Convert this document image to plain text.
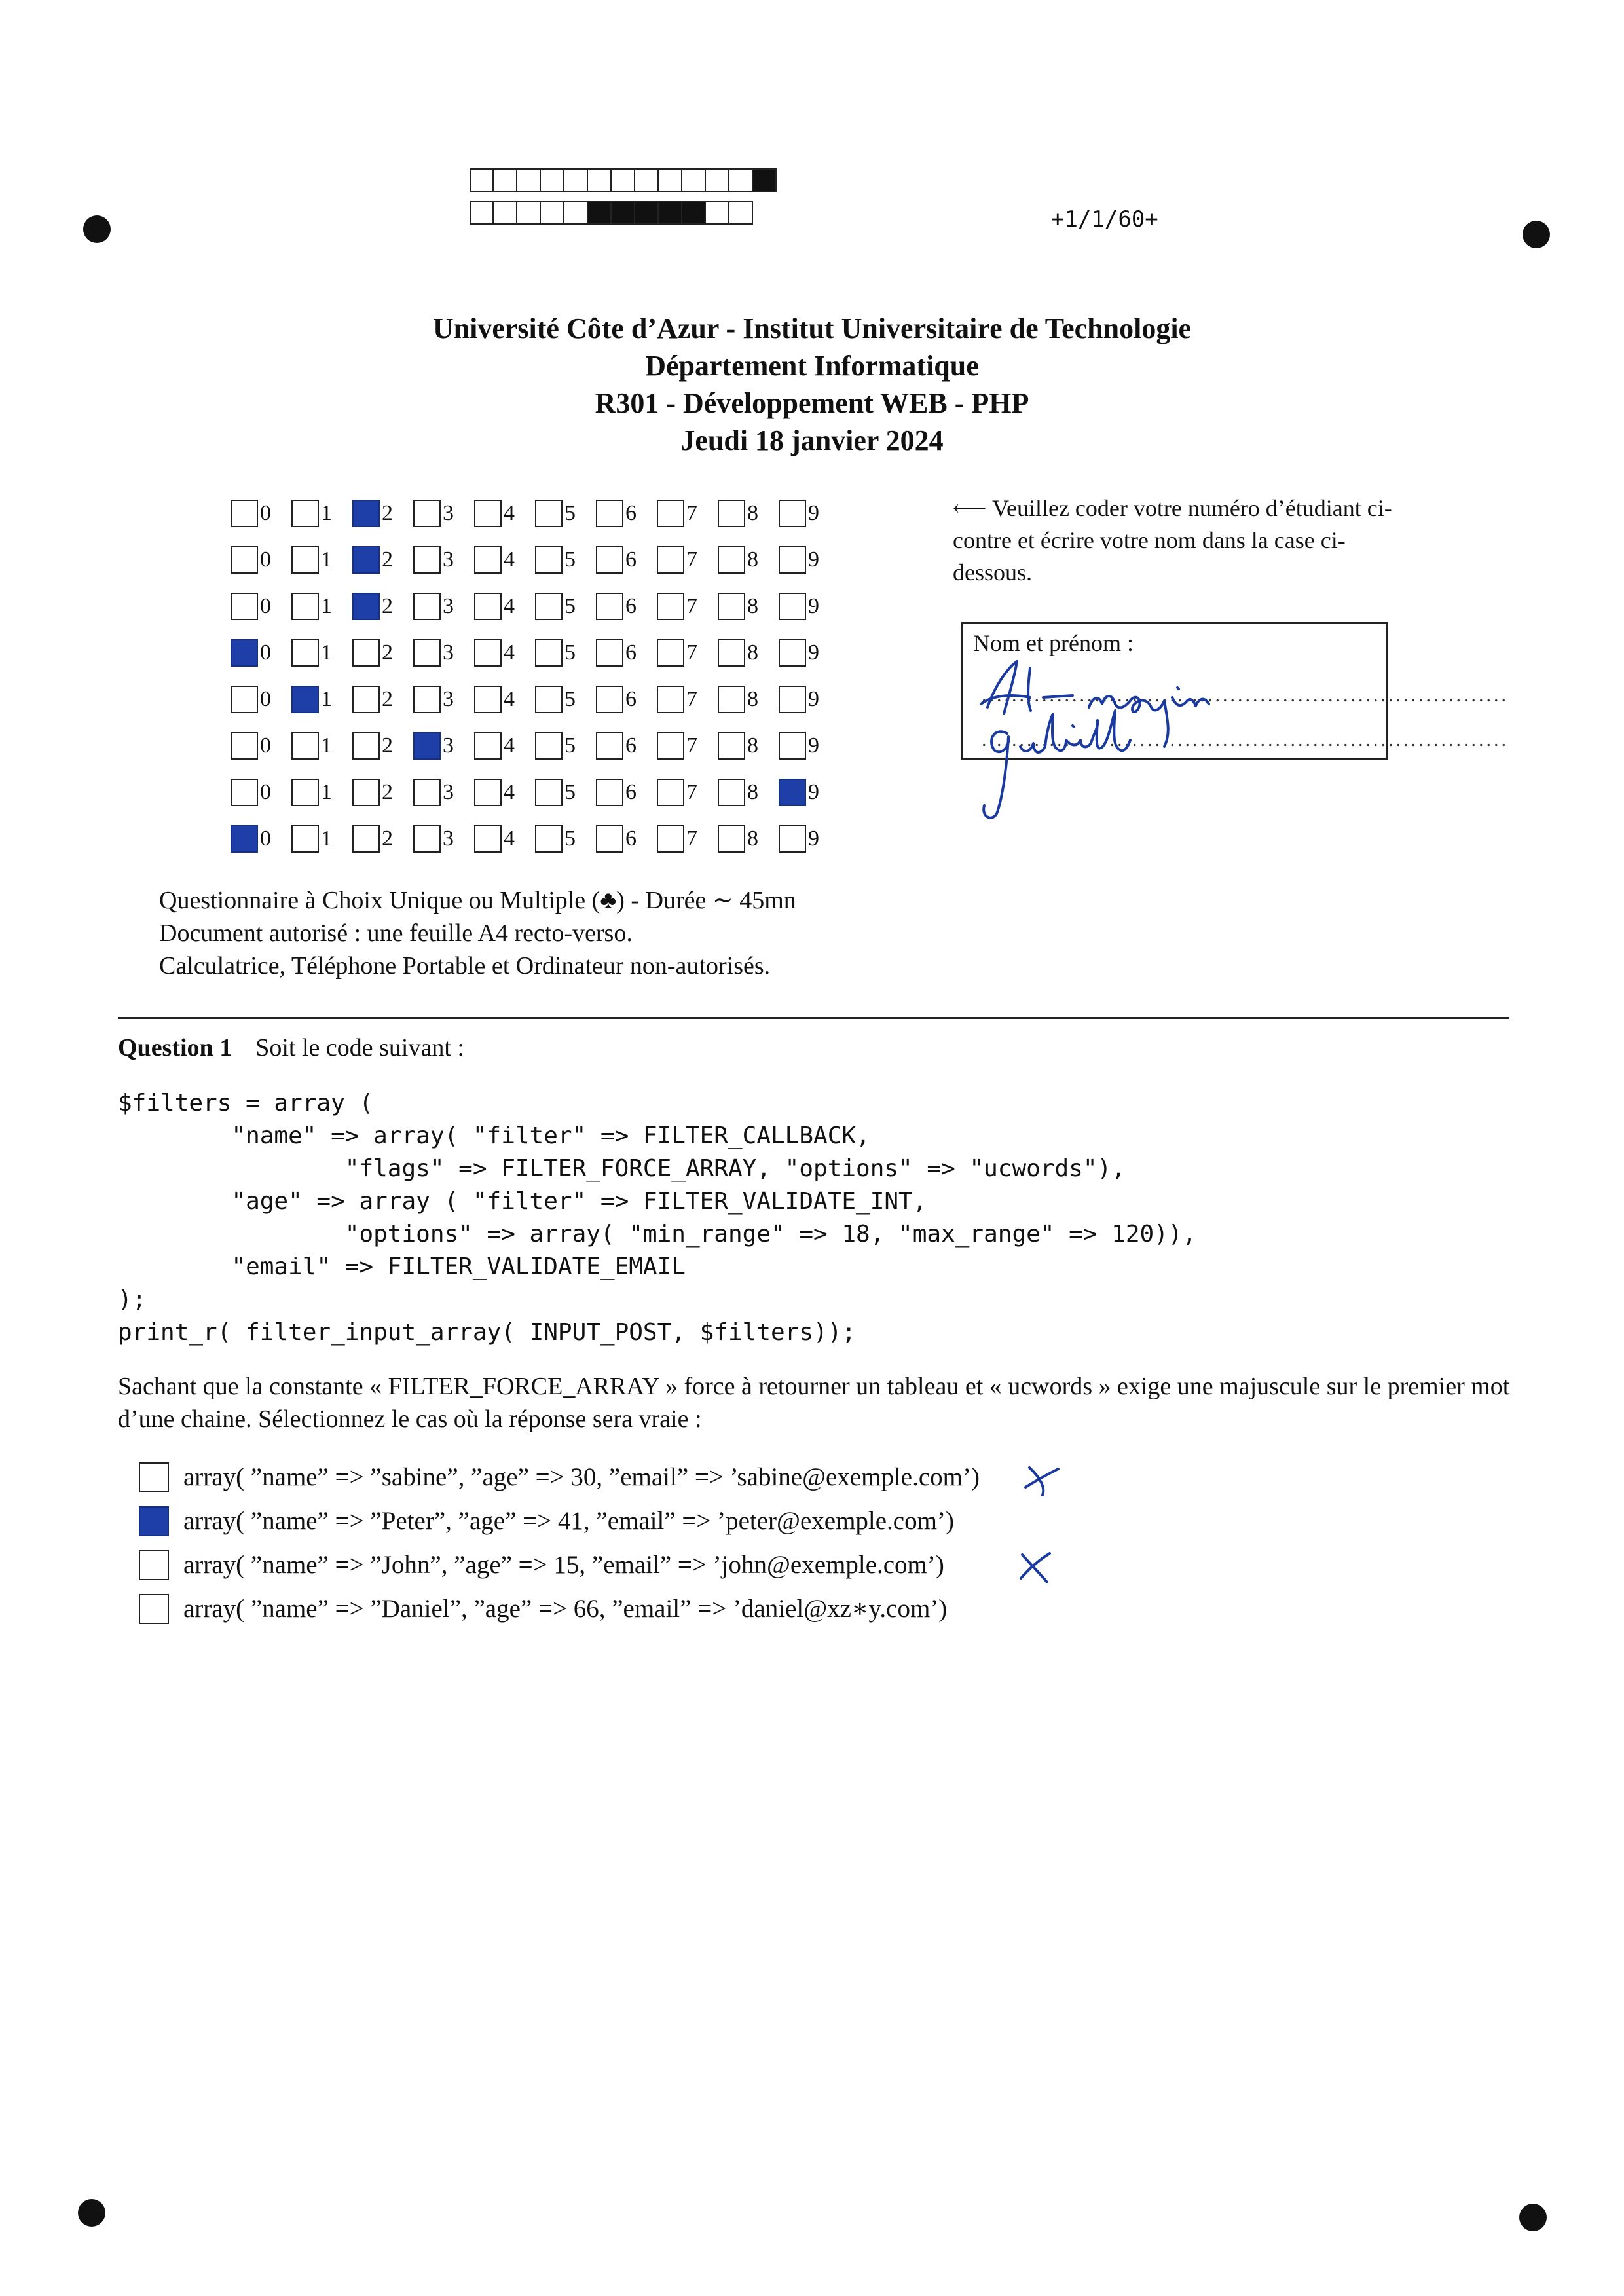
+1/1/60+
Université Côte d’Azur - Institut Universitaire de Technologie
Département Informatique
R301 - Développement WEB - PHP
Jeudi 18 janvier 2024
0 1 2 3 4 5 6 7 8 9
0 1 2 3 4 5 6 7 8 9
0 1 2 3 4 5 6 7 8 9
0 1 2 3 4 5 6 7 8 9
0 1 2 3 4 5 6 7 8 9
0 1 2 3 4 5 6 7 8 9
0 1 2 3 4 5 6 7 8 9
0 1 2 3 4 5 6 7 8 9
⟵ Veuillez coder votre numéro d’étudiant ci-contre et écrire votre nom dans la case ci-dessous.
Nom et prénom :
......................................................................
......................................................................
Questionnaire à Choix Unique ou Multiple (♣) - Durée ∼ 45mn
Document autorisé : une feuille A4 recto-verso.
Calculatrice, Téléphone Portable et Ordinateur non-autorisés.
Question 1 Soit le code suivant :
$filters = array (
"name" => array( "filter" => FILTER_CALLBACK,
"flags" => FILTER_FORCE_ARRAY, "options" => "ucwords"),
"age" => array ( "filter" => FILTER_VALIDATE_INT,
"options" => array( "min_range" => 18, "max_range" => 120)),
"email" => FILTER_VALIDATE_EMAIL
);
print_r( filter_input_array( INPUT_POST, $filters));
Sachant que la constante « FILTER_FORCE_ARRAY » force à retourner un tableau et « ucwords » exige une majuscule sur le premier mot d’une chaine. Sélectionnez le cas où la réponse sera vraie :
array( ”name” => ”sabine”, ”age” => 30, ”email” => ’sabine@exemple.com’)
array( ”name” => ”Peter”, ”age” => 41, ”email” => ’peter@exemple.com’)
array( ”name” => ”John”, ”age” => 15, ”email” => ’john@exemple.com’)
array( ”name” => ”Daniel”, ”age” => 66, ”email” => ’daniel@xz∗y.com’)
